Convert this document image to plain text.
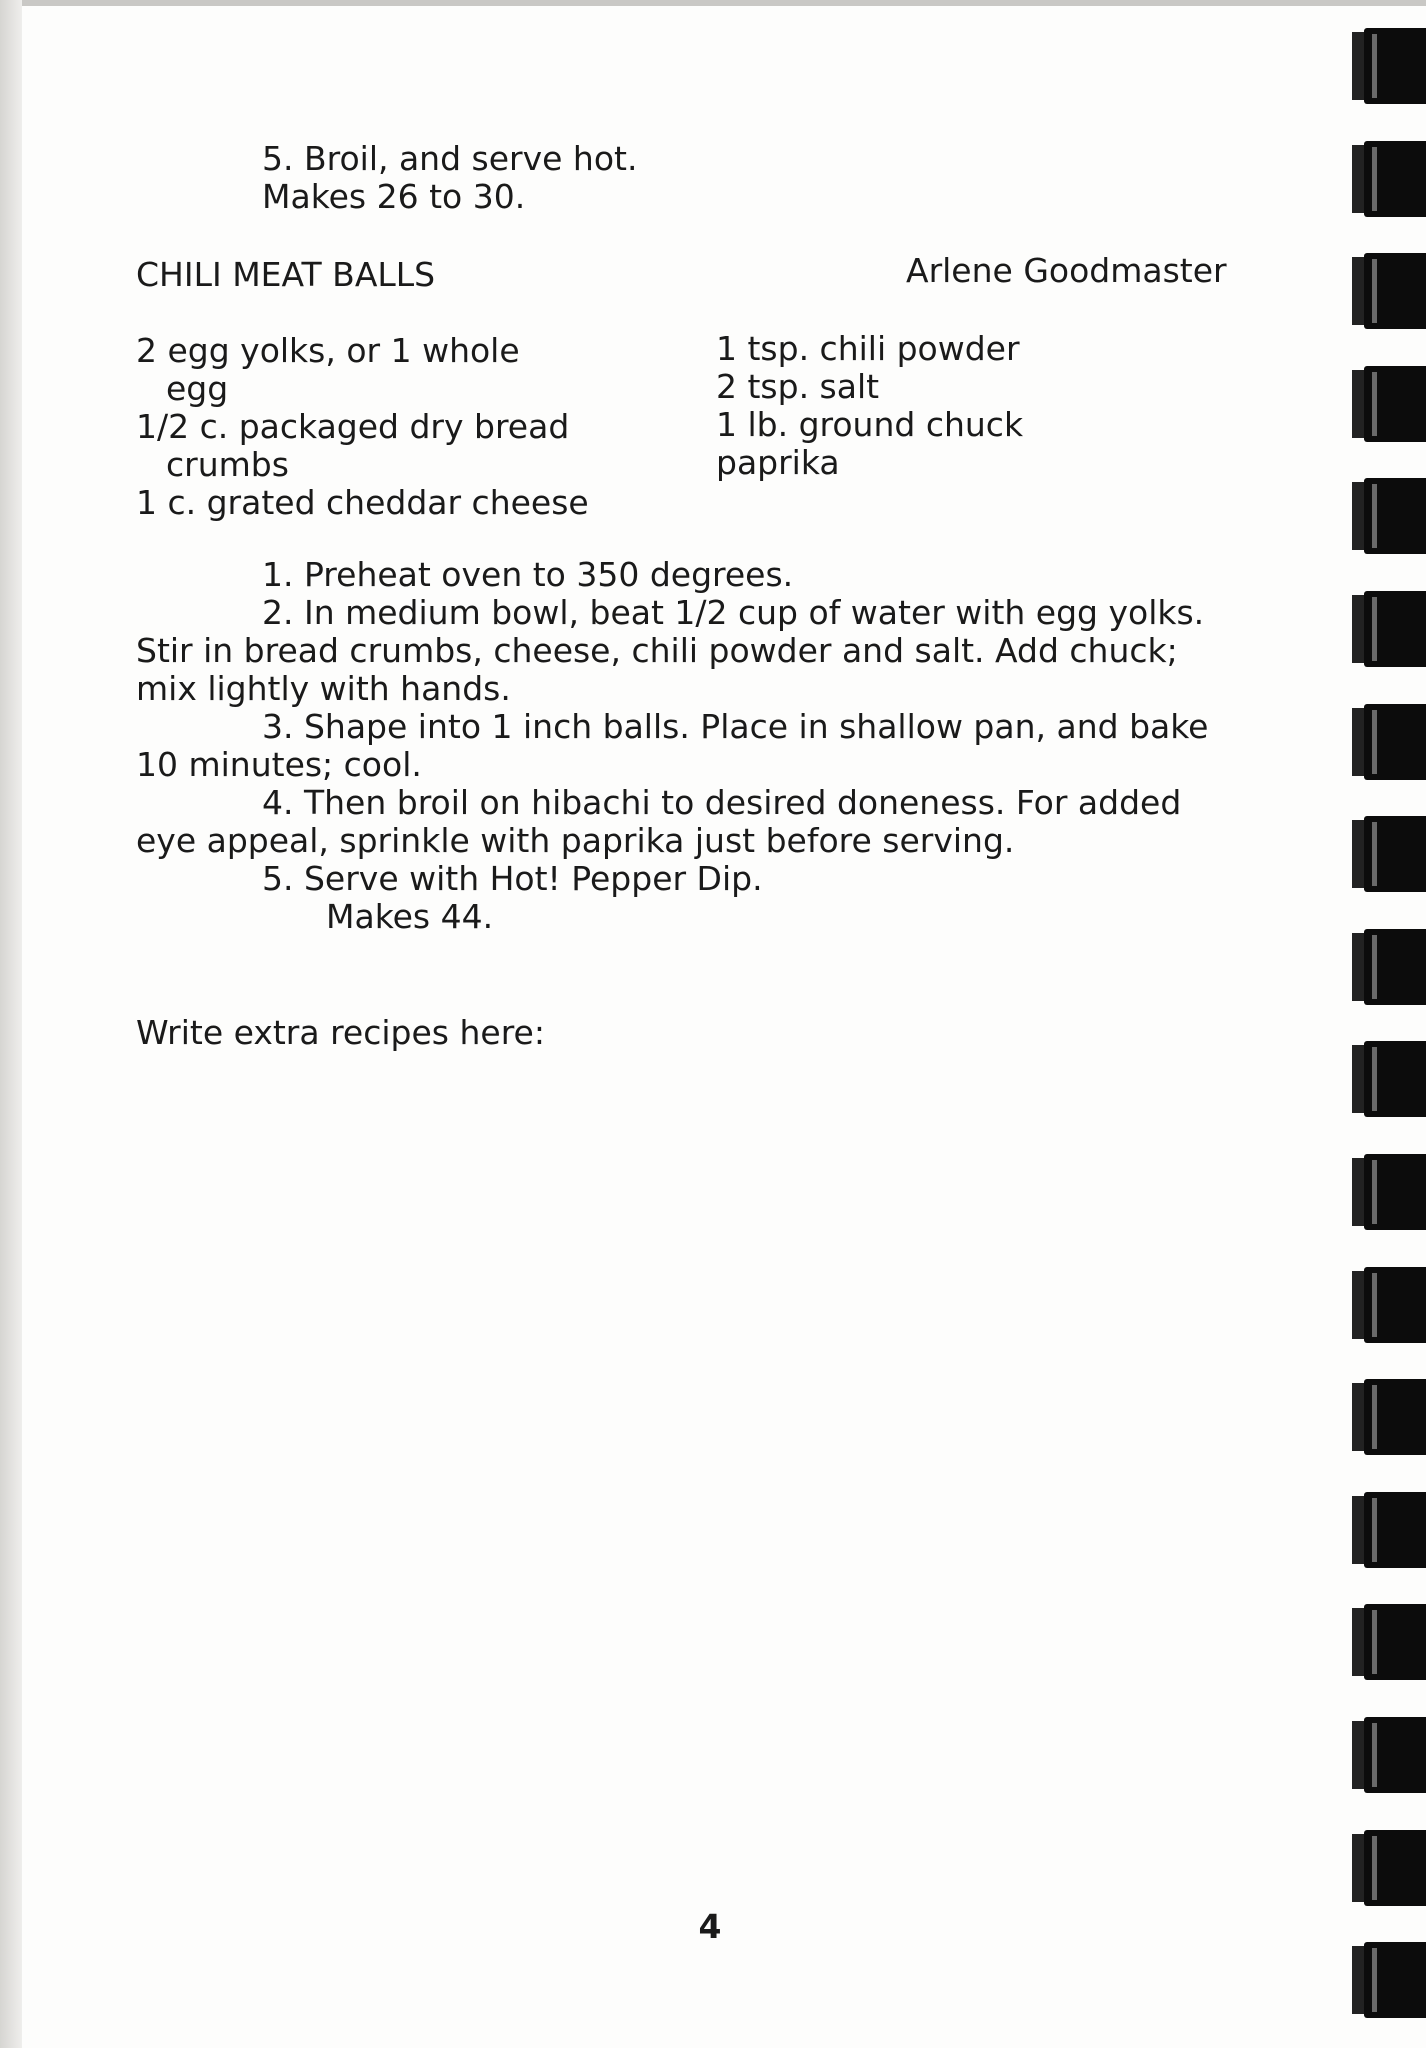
5. Broil, and serve hot.
Makes 26 to 30.
CHILI MEAT BALLS	Arlene Goodmaster
2 egg yolks, or 1 whole
egg
1/2 c. packaged dry bread
crumbs
1 c. grated cheddar cheese
1 tsp. chili powder
2 tsp. salt
1 lb. ground chuck
paprika
1. Preheat oven to 350 degrees.
2. In medium bowl, beat 1/2 cup of water with egg yolks.
Stir in bread crumbs, cheese, chili powder and salt. Add chuck; mix lightly with hands.
3. Shape into 1 inch balls. Place in shallow pan, and bake
10 minutes; cool.
4. Then broil on hibachi to desired doneness. For added
eye appeal, sprinkle with paprika just before serving.
5. Serve with Hot! Pepper Dip.
Makes 44.
Write extra recipes here:
4
